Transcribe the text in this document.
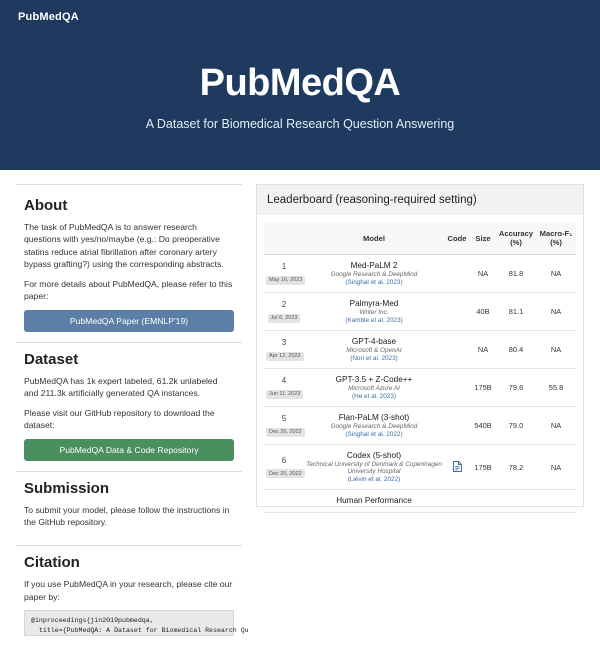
PubMedQA
PubMedQA

A Dataset for Biomedical Research Question Answering

About

The task of PubMedQA is to answer research questions with yes/no/maybe (e.g.: Do preoperative statins reduce atrial fibrillation after coronary artery bypass grafting?) using the corresponding abstracts.

For more details about PubMedQA, please refer to this paper:

PubMedQA Paper (EMNLP'19)
Dataset

PubMedQA has 1k expert labeled, 61.2k unlabeled and 211.3k artificially generated QA instances.

Please visit our GitHub repository to download the dataset:

PubMedQA Data & Code Repository
Submission

To submit your model, please follow the instructions in the GitHub repository.

Citation

If you use PubMedQA in your research, please cite our paper by:

@inproceedings{jin2019pubmedqa,
title={PubMedQA: A Dataset for Biomedical Research Qu
Leaderboard (reasoning-required setting)
	Model	Code	Size	Accuracy (%)	Macro-F₁ (%)

1
May 16, 2023	
Med-PaLM 2
Google Research & DeepMind
(Singhal et al. 2023)
		NA	81.8	NA

2
Jul 6, 2023	
Palmyra-Med
Writer Inc.
(Kamble et al. 2023)
		40B	81.1	NA

3
Apr 12, 2023	
GPT-4-base
Microsoft & OpenAI
(Nori et al. 2023)
		NA	80.4	NA

4
Jun 11, 2023	
GPT-3.5 + Z-Code++
Microsoft Azure AI
(He et al. 2023)
		175B	79.6	55.8

5
Dec 26, 2022	
Flan-PaLM (3-shot)
Google Research & DeepMind
(Singhal et al. 2022)
		540B	79.0	NA

6
Dec 20, 2022	
Codex (5-shot)
Technical University of Denmark & Copenhagen University Hospital
(Liévin et al. 2022)
		175B	78.2	NA

	Human Performance				
